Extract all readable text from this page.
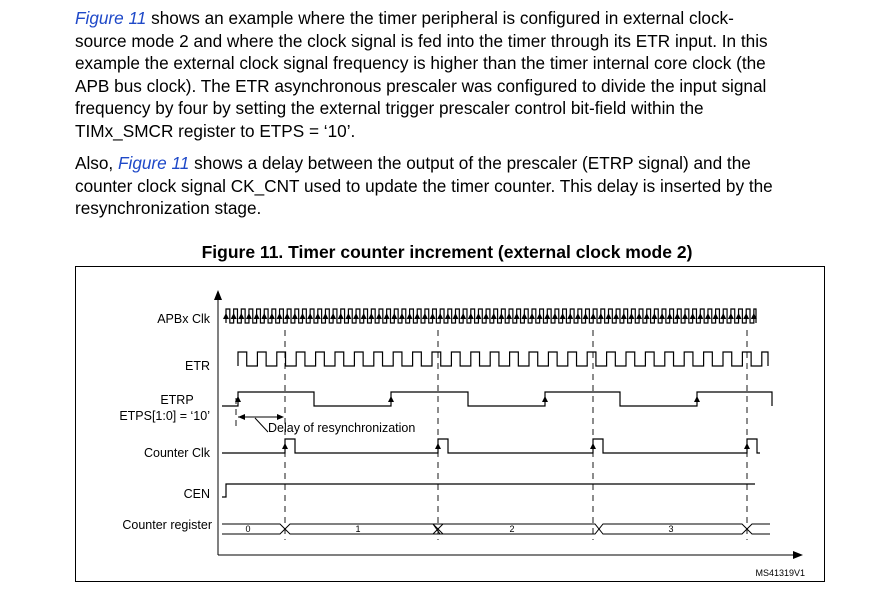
Figure 11 shows an example where the timer peripheral is configured in external clock-
source mode 2 and where the clock signal is fed into the timer through its ETR input. In this
example the external clock signal frequency is higher than the timer internal core clock (the
APB bus clock). The ETR asynchronous prescaler was configured to divide the input signal
frequency by four by setting the external trigger prescaler control bit-field within the
TIMx_SMCR register to ETPS = ‘10’.
Also, Figure 11 shows a delay between the output of the prescaler (ETRP signal) and the
counter clock signal CK_CNT used to update the timer counter. This delay is inserted by the
resynchronization stage.
Figure 11. Timer counter increment (external clock mode 2)
APBx Clk
ETR
ETRP
ETPS[1:0] = ‘10’
Counter Clk
CEN
Counter register	0	1	2	3
Delay of resynchronization
MS41319V1
